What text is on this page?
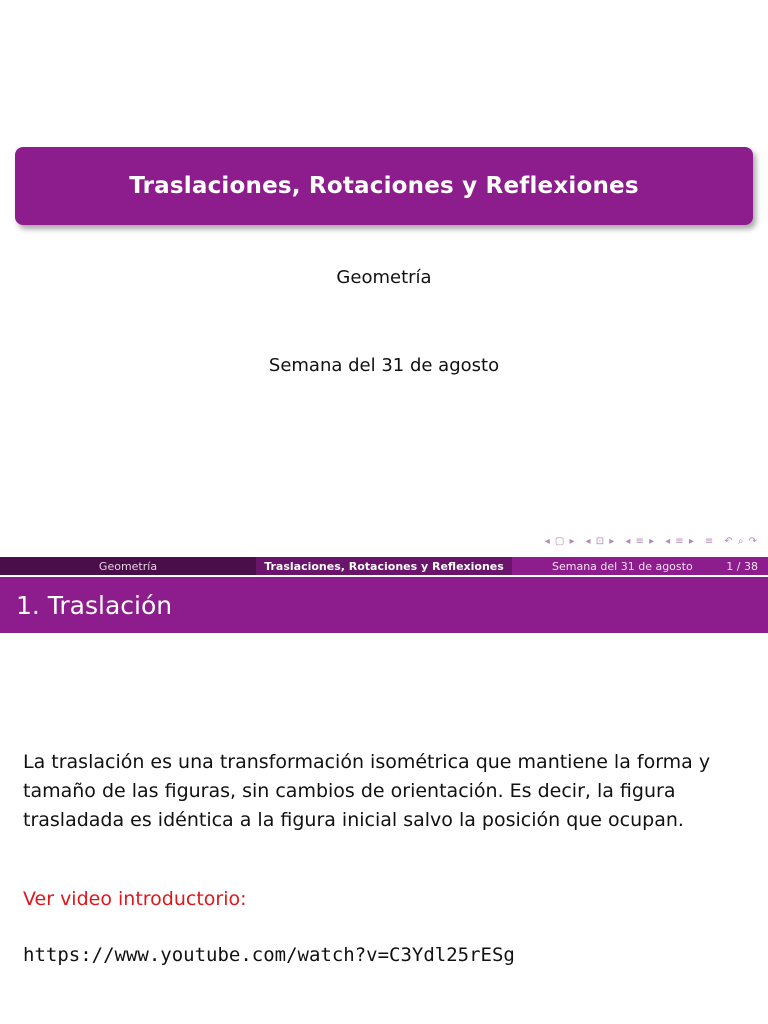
Traslaciones, Rotaciones y Reflexiones
Geometría
Semana del 31 de agosto
◂ ▢ ▸ ◂ ⊡ ▸ ◂ ≡ ▸ ◂ ≡ ▸ ≡ ↶ ⌕ ↷
Geometría	Traslaciones, Rotaciones y Reflexiones	Semana del 31 de agosto	1 / 38
1. Traslación
La traslación es una transformación isométrica que mantiene la forma y tamaño de las figuras, sin cambios de orientación. Es decir, la figura trasladada es idéntica a la figura inicial salvo la posición que ocupan.
Ver video introductorio:
https://www.youtube.com/watch?v=C3Ydl25rESg
